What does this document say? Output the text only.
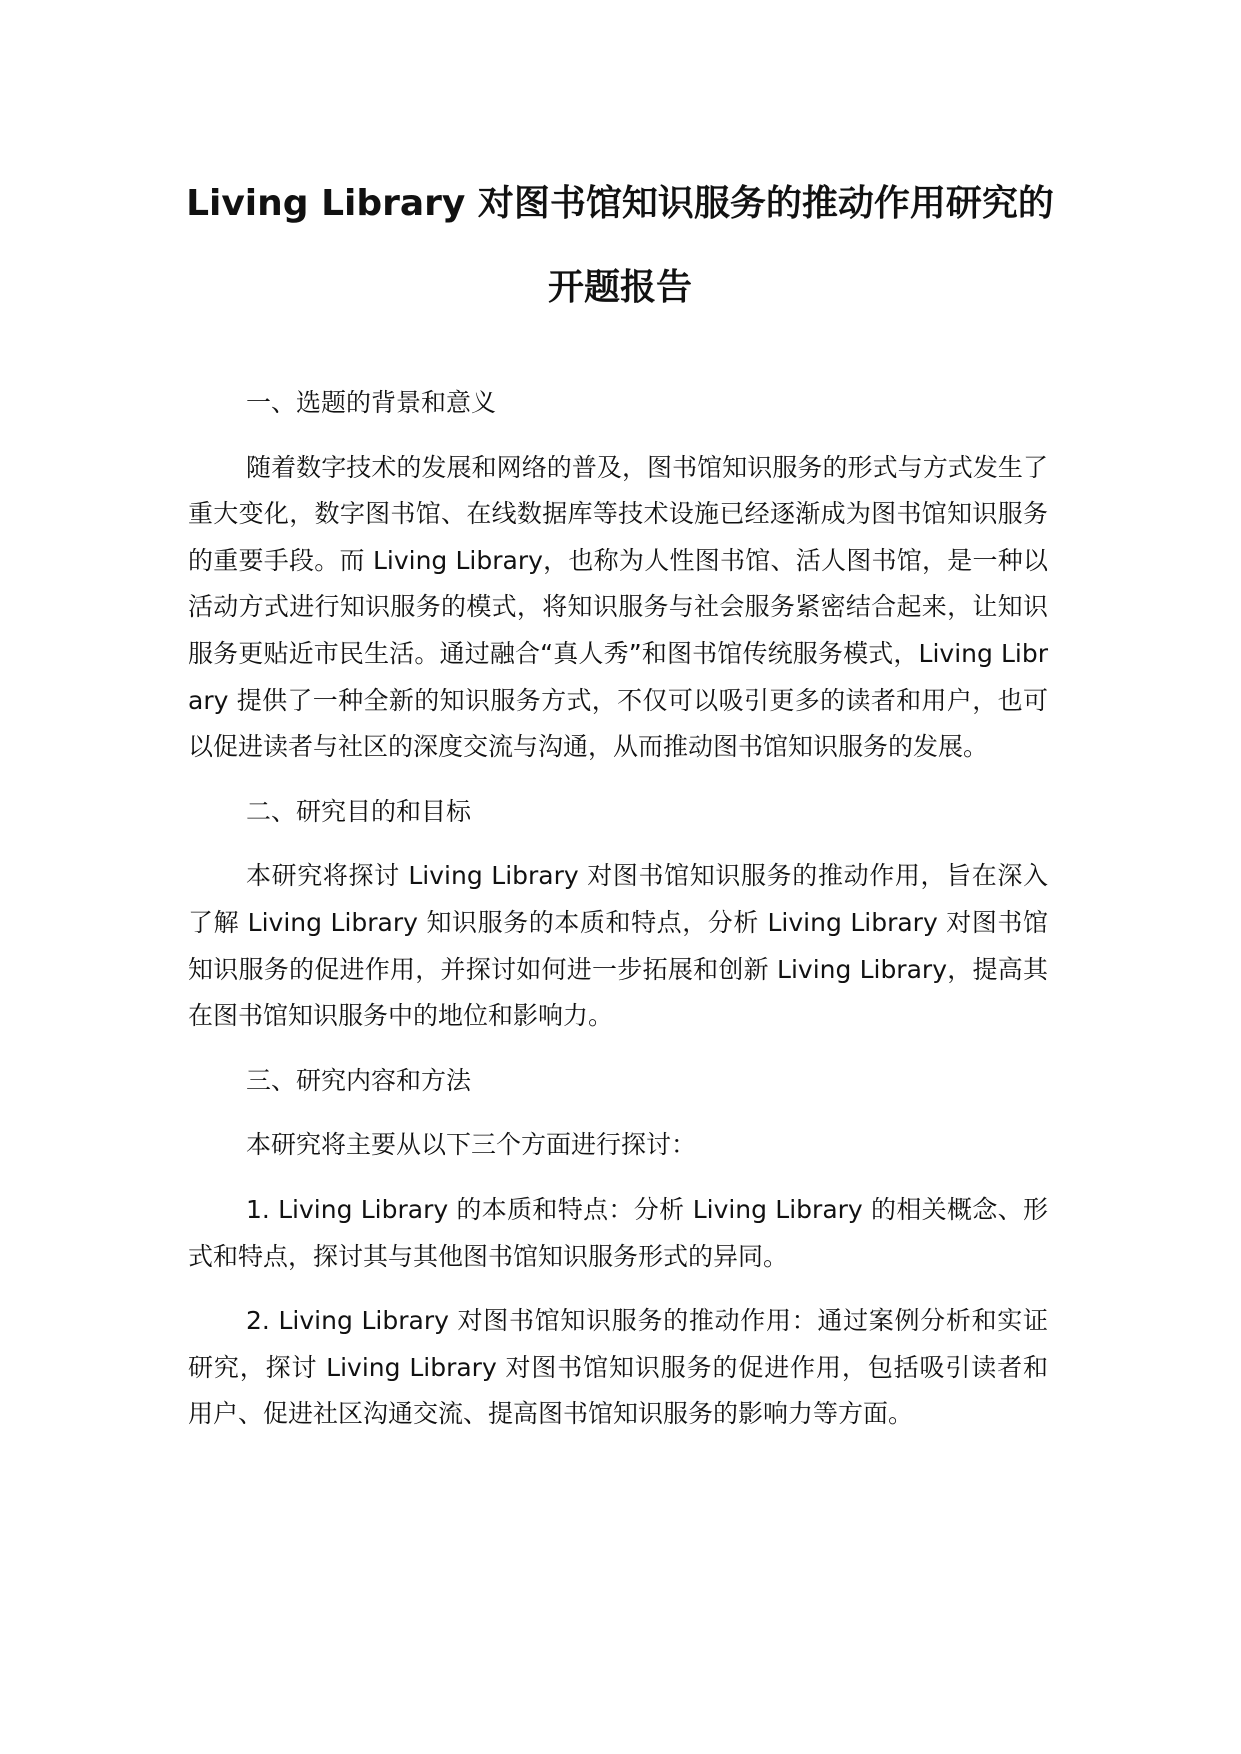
Living Library 对图书馆知识服务的推动作用研究的
开题报告

一、选题的背景和意义

随着数字技术的发展和网络的普及，图书馆知识服务的形式与方式发生了重大变化，数字图书馆、在线数据库等技术设施已经逐渐成为图书馆知识服务的重要手段。而 Living Library，也称为人性图书馆、活人图书馆，是一种以活动方式进行知识服务的模式，将知识服务与社会服务紧密结合起来，让知识服务更贴近市民生活。通过融合“真人秀”和图书馆传统服务模式，Living Library 提供了一种全新的知识服务方式，不仅可以吸引更多的读者和用户，也可以促进读者与社区的深度交流与沟通，从而推动图书馆知识服务的发展。

二、研究目的和目标

本研究将探讨 Living Library 对图书馆知识服务的推动作用，旨在深入了解 Living Library 知识服务的本质和特点，分析 Living Library 对图书馆知识服务的促进作用，并探讨如何进一步拓展和创新 Living Library，提高其在图书馆知识服务中的地位和影响力。

三、研究内容和方法

本研究将主要从以下三个方面进行探讨：

1. Living Library 的本质和特点：分析 Living Library 的相关概念、形式和特点，探讨其与其他图书馆知识服务形式的异同。

2. Living Library 对图书馆知识服务的推动作用：通过案例分析和实证研究，探讨 Living Library 对图书馆知识服务的促进作用，包括吸引读者和用户、促进社区沟通交流、提高图书馆知识服务的影响力等方面。
